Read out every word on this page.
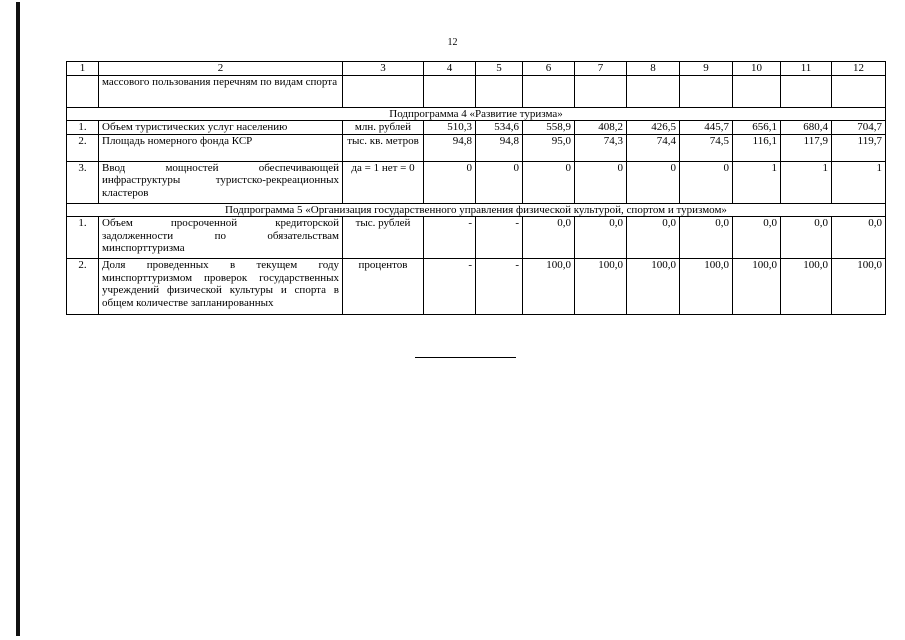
12
1	2	3	4	5	6	7	8	9	10	11	12
	массового пользования перечням по видам спорта										
Подпрограмма 4 «Развитие туризма»											
1.	Объем туристических услуг населению	млн. рублей	510,3	534,6	558,9	408,2	426,5	445,7	656,1	680,4	704,7
2.	Площадь номерного фонда КСР	тыс. кв. метров	94,8	94,8	95,0	74,3	74,4	74,5	116,1	117,9	119,7
3.	Ввод мощностей обеспечивающей инфраструктуры туристско-рекреационных кластеров	да = 1 нет = 0	0	0	0	0	0	0	1	1	1
Подпрограмма 5 «Организация государственного управления физической культурой, спортом и туризмом»											
1.	Объем просроченной кредиторской задолженности по обязательствам минспорттуризма	тыс. рублей	-	-	0,0	0,0	0,0	0,0	0,0	0,0	0,0
2.	Доля проведенных в текущем году минспорттуризмом проверок государственных учреждений физической культуры и спорта в общем количестве запланированных	процентов	-	-	100,0	100,0	100,0	100,0	100,0	100,0	100,0
